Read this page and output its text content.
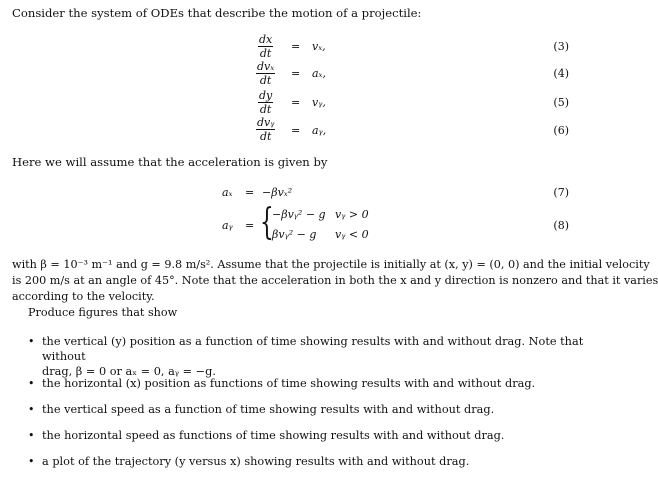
Consider the system of ODEs that describe the motion of a projectile:
$\frac{dx}{dt} = v_x$,	(3)
dvₓ
dt
= aₓ,	(4)
$\frac{dy}{dt}$ = vᵧ,	(5)
dvᵧ
dt = aᵧ,	(6)
Here we will assume that the acceleration is given by
aₓ = −βvₓ²	(7)
aᵧ = {
−βvᵧ² − g vᵧ > 0
βvᵧ² − g vᵧ < 0
(8)
with β = 10⁻³ m⁻¹ and g = 9.8 m/s². Assume that the projectile is initially at (x, y) = (0, 0) and the initial velocity
is 200 m/s at an angle of 45°. Note that the acceleration in both the x and y direction is nonzero and that it varies
according to the velocity.
Produce figures that show
• the vertical (y) position as a function of time showing results with and without drag. Note that without
drag, β = 0 or aₓ = 0, aᵧ = −g.
• the horizontal (x) position as functions of time showing results with and without drag.
• the vertical speed as a function of time showing results with and without drag.
• the horizontal speed as functions of time showing results with and without drag.
• a plot of the trajectory (y versus x) showing results with and without drag.
